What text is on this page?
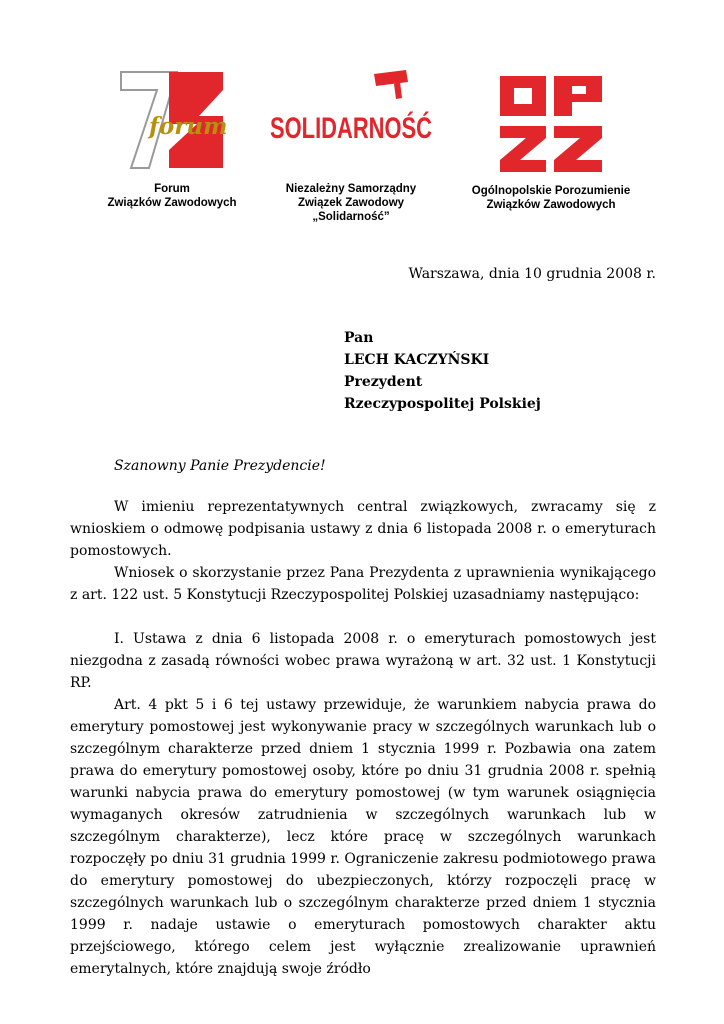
forum
Forum
Związków Zawodowych
SOLIDARNOŚĆ
Niezależny Samorządny
Związek Zawodowy
„Solidarność”
Ogólnopolskie Porozumienie
Związków Zawodowych
Warszawa, dnia 10 grudnia 2008 r.
Pan
LECH KACZYŃSKI
Prezydent
Rzeczypospolitej Polskiej
Szanowny Panie Prezydencie!

W imieniu reprezentatywnych central związkowych, zwracamy się z wnioskiem o odmowę podpisania ustawy z dnia 6 listopada 2008 r. o emeryturach pomostowych.

Wniosek o skorzystanie przez Pana Prezydenta z uprawnienia wynikającego z art. 122 ust. 5 Konstytucji Rzeczypospolitej Polskiej uzasadniamy następująco:

I. Ustawa z dnia 6 listopada 2008 r. o emeryturach pomostowych jest niezgodna z zasadą równości wobec prawa wyrażoną w art. 32 ust. 1 Konstytucji RP.

Art. 4 pkt 5 i 6 tej ustawy przewiduje, że warunkiem nabycia prawa do emerytury pomostowej jest wykonywanie pracy w szczególnych warunkach lub o szczególnym charakterze przed dniem 1 stycznia 1999 r. Pozbawia ona zatem prawa do emerytury pomostowej osoby, które po dniu 31 grudnia 2008 r. spełnią warunki nabycia prawa do emerytury pomostowej (w tym warunek osiągnięcia wymaganych okresów zatrudnienia w szczególnych warunkach lub w szczególnym charakterze), lecz które pracę w szczególnych warunkach rozpoczęły po dniu 31 grudnia 1999 r. Ograniczenie zakresu podmiotowego prawa do emerytury pomostowej do ubezpieczonych, którzy rozpoczęli pracę w szczególnych warunkach lub o szczególnym charakterze przed dniem 1 stycznia 1999 r. nadaje ustawie o emeryturach pomostowych charakter aktu przejściowego, którego celem jest wyłącznie zrealizowanie uprawnień emerytalnych, które znajdują swoje źródło
